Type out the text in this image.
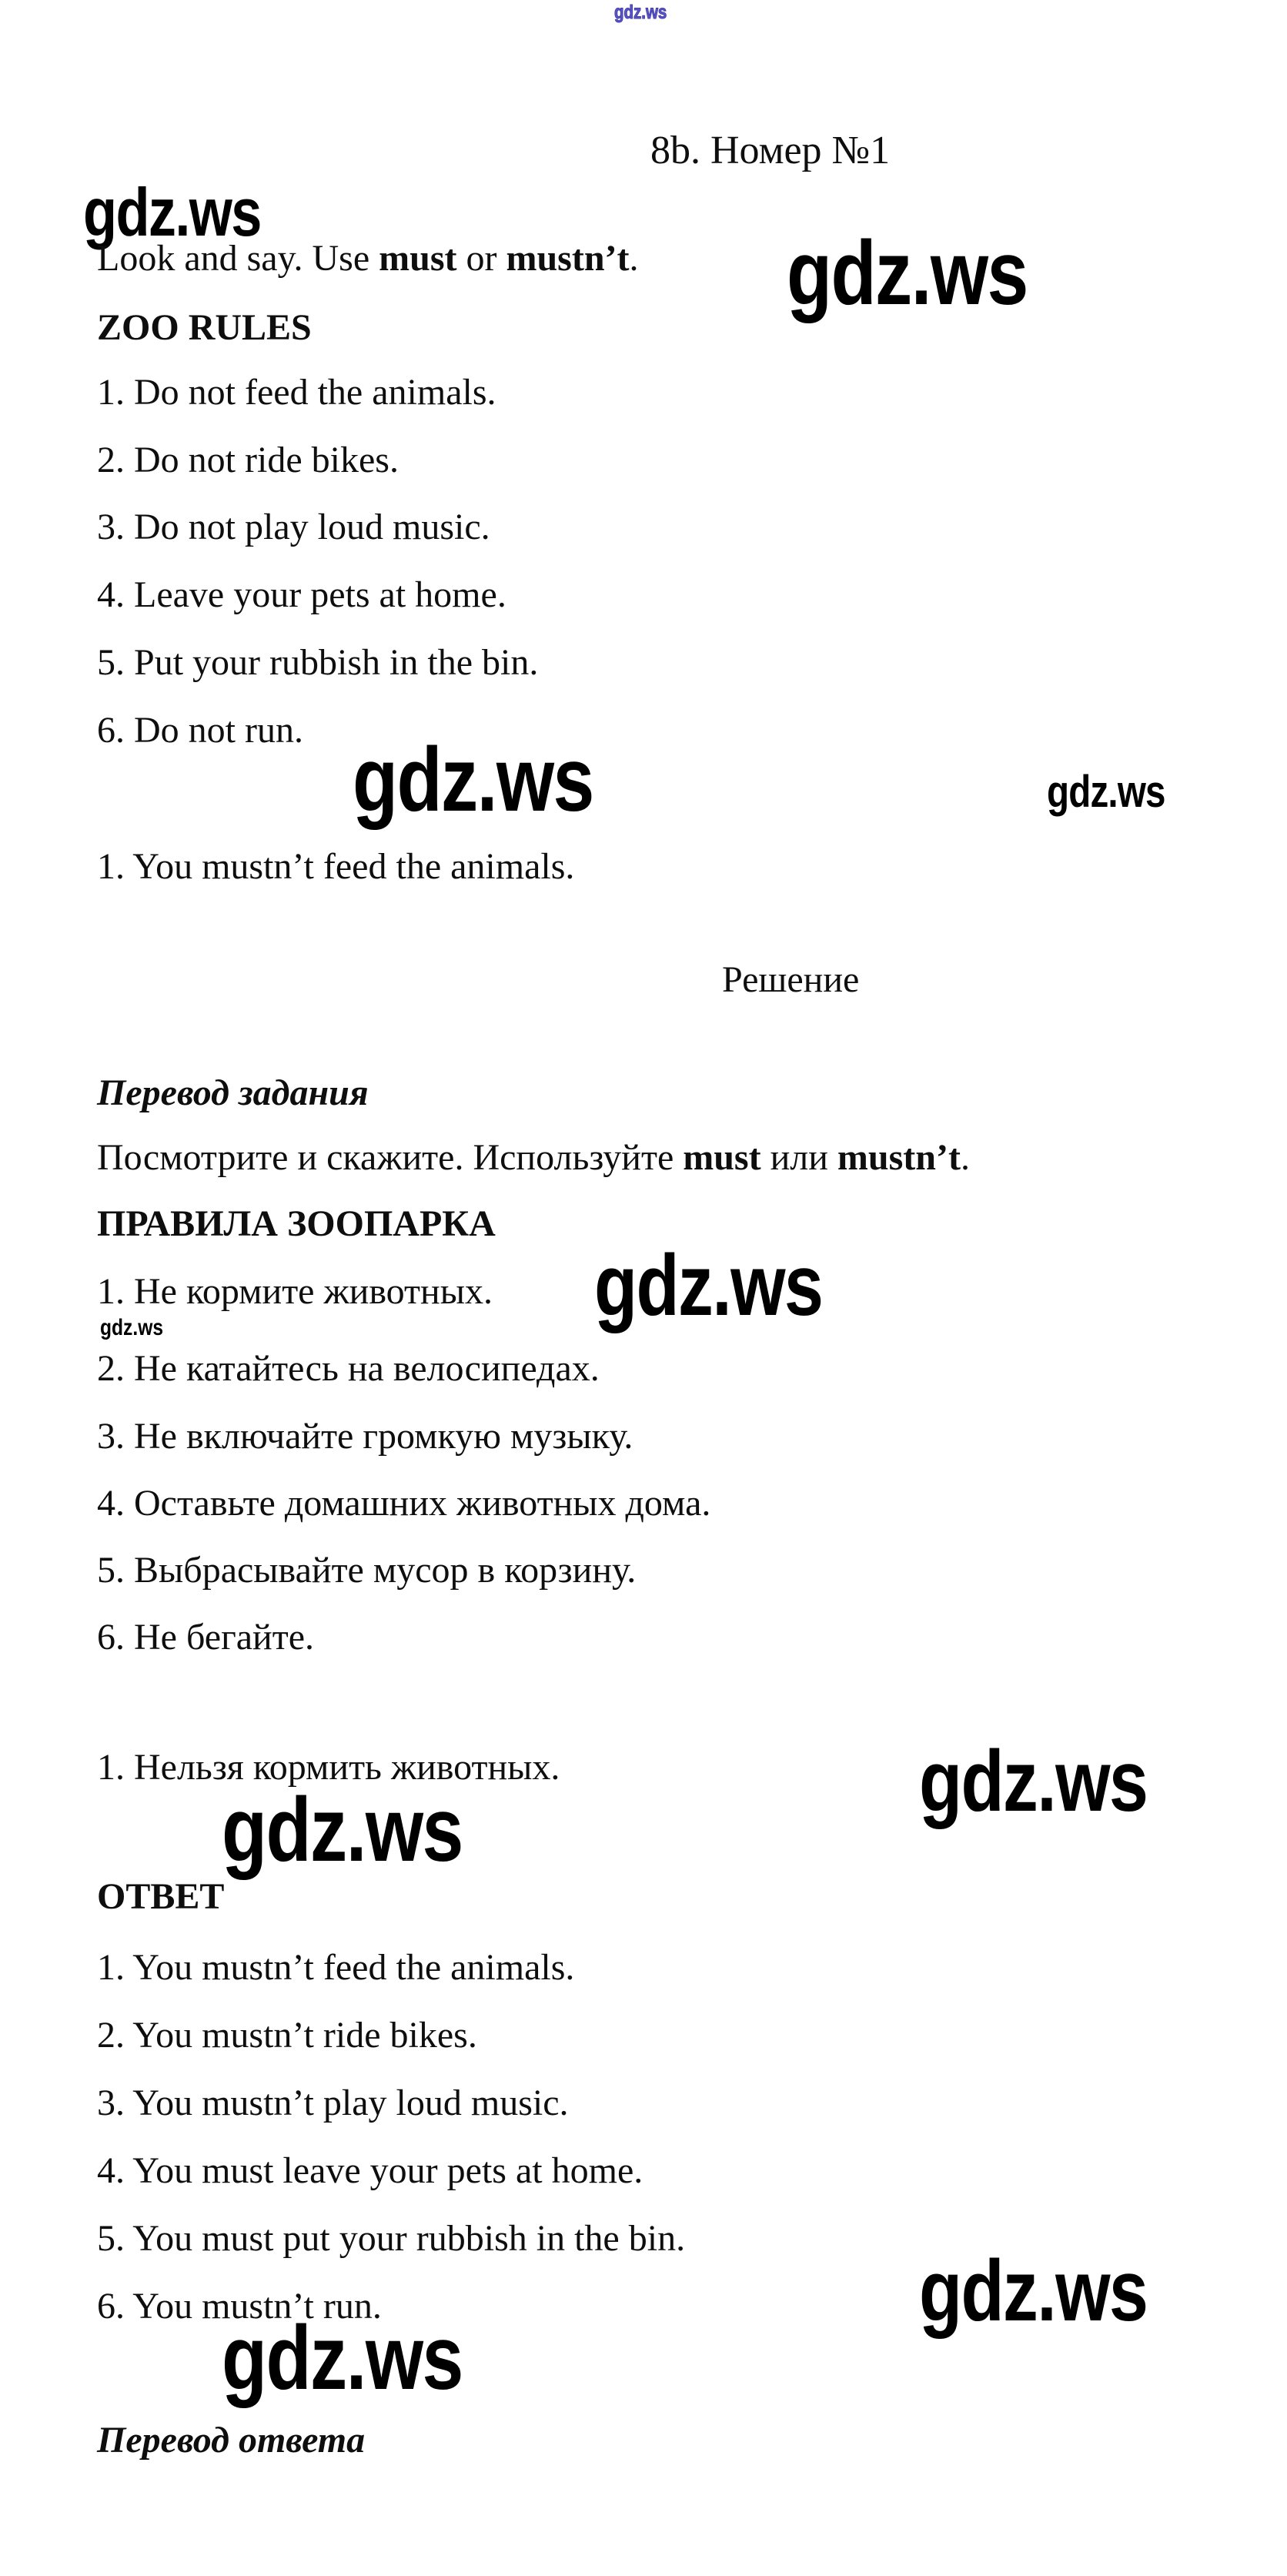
gdz.ws
8b. Номер №1
gdz.ws
Look and say. Use must or mustn’t. gdz.ws
ZOO RULES
1. Do not feed the animals.
2. Do not ride bikes.
3. Do not play loud music.
4. Leave your pets at home.
5. Put your rubbish in the bin.
6. Do not run. gdz.ws	gdz.ws
1. You mustn’t feed the animals.
Решение
Перевод задания
Посмотрите и скажите. Используйте must или mustn’t.
ПРАВИЛА ЗООПАРКА
1. Не кормите животных. gdz.ws
gdz.ws
2. Не катайтесь на велосипедах.
3. Не включайте громкую музыку.
4. Оставьте домашних животных дома.
5. Выбрасывайте мусор в корзину.
6. Не бегайте.
1. Нельзя кормить животных.	gdz.ws
gdz.ws
ОТВЕТ
1. You mustn’t feed the animals.
2. You mustn’t ride bikes.
3. You mustn’t play loud music.
4. You must leave your pets at home.
5. You must put your rubbish in the bin.
6. You mustn’t run.	gdz.ws
gdz.ws
Перевод ответа
